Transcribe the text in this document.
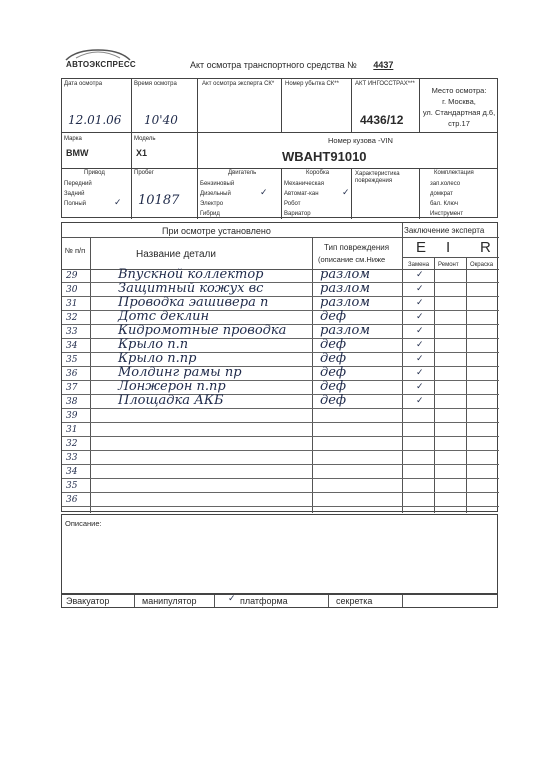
АВТОЭКСПРЕСС	Акт осмотра транспортного средства № 4437
Дата осмотра
12.01.06
Время осмотра
10'40
Акт осмотра эксперта СК* Номер убытка СК**	АКТ ИНГОССТРАХ***
4436/12
Место осмотра:
г. Москва,
ул. Стандартная д.6,
стр.17
Марка
BMW
Модель
X1
Номер кузова -VIN
WBAHT91010
Привод
Передний
Задний
Полный	✓
Пробег
10187
Двигатель
Бензиновый
Дизельный
Электро
Гибрид
✓
Коробка
Механическая
Автомат-кан
Робот
Вариатор
✓
Характеристика повреждения
Комплектация
зап.колесо
домкрат
бал. Ключ
Инструмент
При осмотре установлено	Заключение эксперта
№ п/п	Название детали
Тип повреждения
(описание см.Ниже
E I R
Замена Ремонт Окраска
29	Впускной коллектор	разлом	✓
30	Защитный кожух вс	разлом	✓
31	Проводка эашивера п	разлом	✓
32	Дотс деклин	деф	✓
33	Кидромотные проводка	разлом	✓
34	Крыло п.п	деф	✓
35	Крыло п.пр	деф	✓
36	Молдинг рамы пр	деф	✓
37	Лонжерон п.пр	деф	✓
38	Площадка АКБ	деф	✓
39
31
32
33
34
35
36
Описание:
Эвакуатор	манипулятор	✓ платформа	секретка
